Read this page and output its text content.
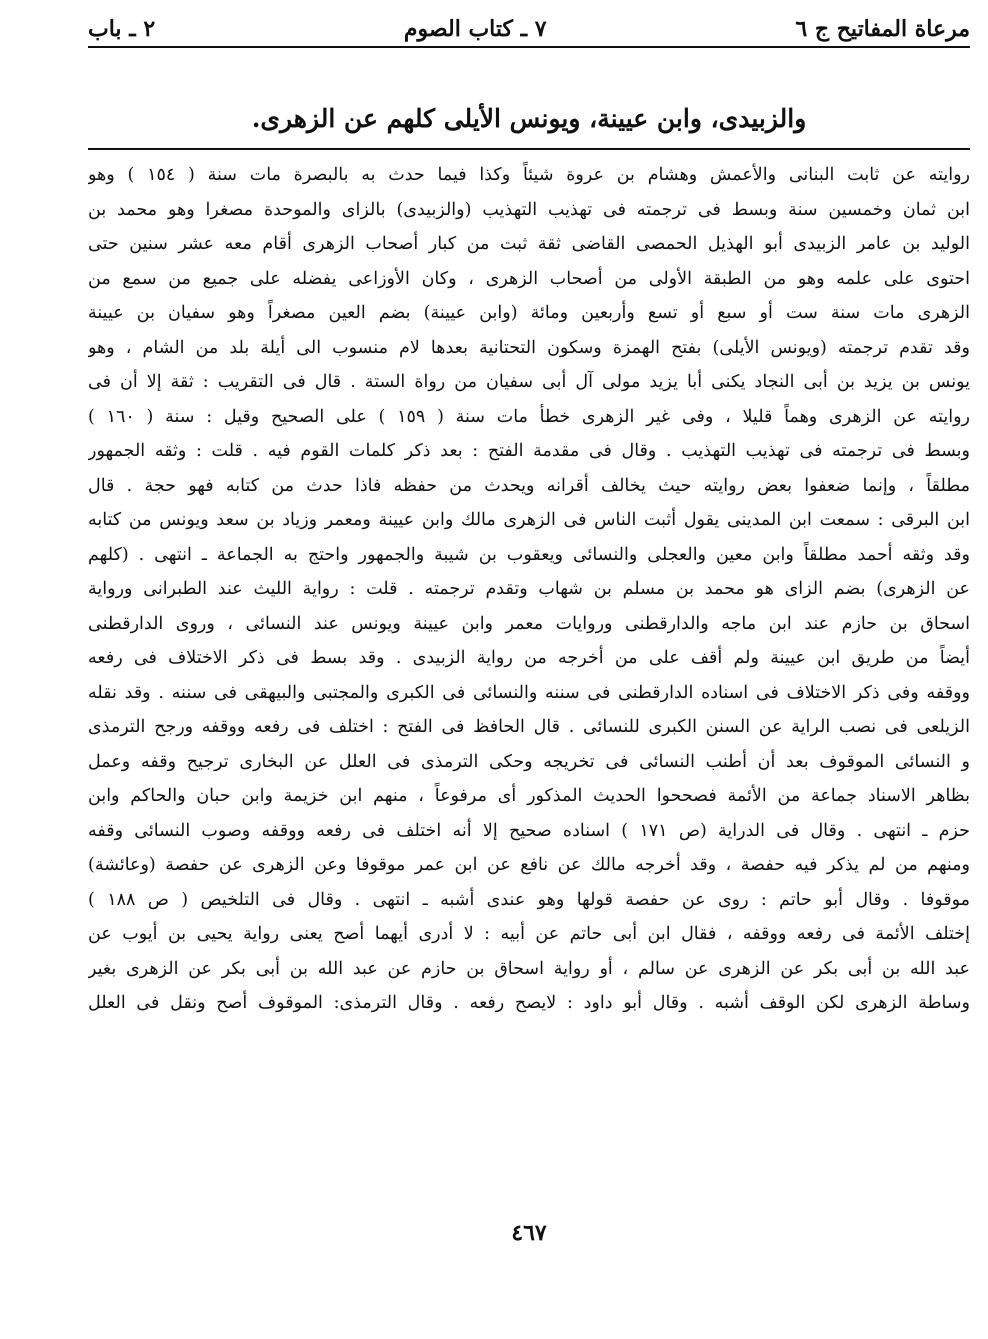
مرعاة المفاتيح ج ٦
٧ ـ كتاب الصوم
٢ ـ باب
والزبيدى، وابن عيينة، ويونس الأيلى كلهم عن الزهرى.
روايته عن ثابت البنانى والأعمش وهشام بن عروة شيئاً وكذا فيما حدث به بالبصرة مات سنة ( ١٥٤ ) وهو
ابن ثمان وخمسين سنة وبسط فى ترجمته فى تهذيب التهذيب (والزبيدى) بالزاى والموحدة مصغرا وهو محمد بن
الوليد بن عامر الزبيدى أبو الهذيل الحمصى القاضى ثقة ثبت من كبار أصحاب الزهرى أقام معه عشر سنين حتى
احتوى على علمه وهو من الطبقة الأولى من أصحاب الزهرى ، وكان الأوزاعى يفضله على جميع من سمع من
الزهرى مات سنة ست أو سبع أو تسع وأربعين ومائة (وابن عيينة) بضم العين مصغراً وهو سفيان بن عيينة
وقد تقدم ترجمته (ويونس الأيلى) بفتح الهمزة وسكون التحتانية بعدها لام منسوب الى أيلة بلد من الشام ، وهو
يونس بن يزيد بن أبى النجاد يكنى أبا يزيد مولى آل أبى سفيان من رواة الستة . قال فى التقريب : ثقة إلا أن فى
روايته عن الزهرى وهماً قليلا ، وفى غير الزهرى خطأ مات سنة ( ١٥٩ ) على الصحيح وقيل : سنة ( ١٦٠ )
وبسط فى ترجمته فى تهذيب التهذيب . وقال فى مقدمة الفتح : بعد ذكر كلمات القوم فيه . قلت : وثقه الجمهور
مطلقاً ، وإنما ضعفوا بعض روايته حيث يخالف أقرانه ويحدث من حفظه فاذا حدث من كتابه فهو حجة . قال
ابن البرقى : سمعت ابن المدينى يقول أثبت الناس فى الزهرى مالك وابن عيينة ومعمر وزياد بن سعد ويونس من كتابه
وقد وثقه أحمد مطلقاً وابن معين والعجلى والنسائى ويعقوب بن شيبة والجمهور واحتج به الجماعة ـ انتهى . (كلهم
عن الزهرى) بضم الزاى هو محمد بن مسلم بن شهاب وتقدم ترجمته . قلت : رواية الليث عند الطبرانى ورواية
اسحاق بن حازم عند ابن ماجه والدارقطنى وروايات معمر وابن عيينة ويونس عند النسائى ، وروى الدارقطنى
أيضاً من طريق ابن عيينة ولم أقف على من أخرجه من رواية الزبيدى . وقد بسط فى ذكر الاختلاف فى رفعه
ووقفه وفى ذكر الاختلاف فى اسناده الدارقطنى فى سننه والنسائى فى الكبرى والمجتبى والبيهقى فى سننه . وقد نقله
الزيلعى فى نصب الراية عن السنن الكبرى للنسائى . قال الحافظ فى الفتح : اختلف فى رفعه ووقفه ورجح الترمذى
و النسائى الموقوف بعد أن أطنب النسائى فى تخريجه وحكى الترمذى فى العلل عن البخارى ترجيح وقفه وعمل
بظاهر الاسناد جماعة من الأئمة فصححوا الحديث المذكور أى مرفوعاً ، منهم ابن خزيمة وابن حبان والحاكم وابن
حزم ـ انتهى . وقال فى الدراية (ص ١٧١ ) اسناده صحيح إلا أنه اختلف فى رفعه ووقفه وصوب النسائى وقفه
ومنهم من لم يذكر فيه حفصة ، وقد أخرجه مالك عن نافع عن ابن عمر موقوفا وعن الزهرى عن حفصة (وعائشة)
موقوفا . وقال أبو حاتم : روى عن حفصة قولها وهو عندى أشبه ـ انتهى . وقال فى التلخيص ( ص ١٨٨ )
إختلف الأئمة فى رفعه ووقفه ، فقال ابن أبى حاتم عن أبيه : لا أدرى أيهما أصح يعنى رواية يحيى بن أيوب عن
عبد الله بن أبى بكر عن الزهرى عن سالم ، أو رواية اسحاق بن حازم عن عبد الله بن أبى بكر عن الزهرى بغير
وساطة الزهرى لكن الوقف أشبه . وقال أبو داود : لايصح رفعه . وقال الترمذى: الموقوف أصح ونقل فى العلل
٤٦٧
